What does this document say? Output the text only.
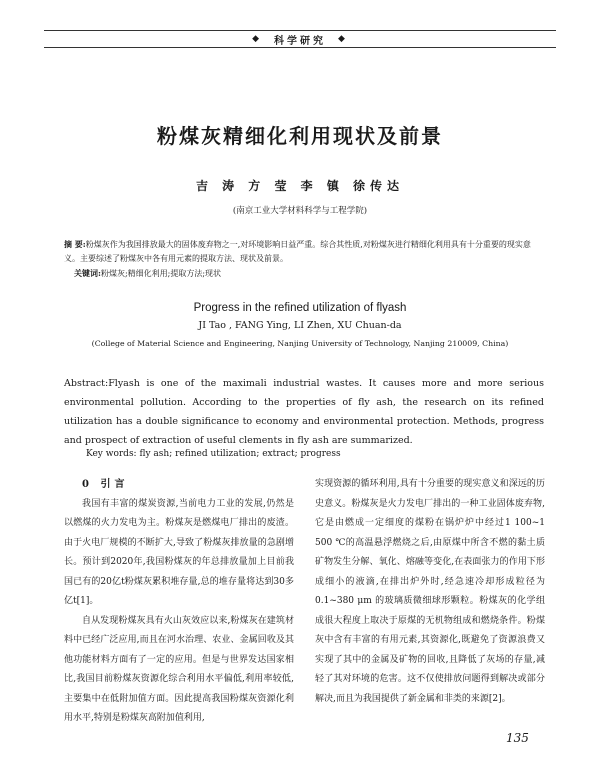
◆ 科学研究 ◆
粉煤灰精细化利用现状及前景
吉 涛 方 莹 李 镇 徐传达
(南京工业大学材料科学与工程学院)
摘 要:粉煤灰作为我国排放最大的固体废弃物之一,对环境影响日益严重。综合其性质,对粉煤灰进行精细化利用具有十分重要的现实意义。主要综述了粉煤灰中各有用元素的提取方法、现状及前景。
关键词:粉煤灰;精细化利用;提取方法;现状
Progress in the refined utilization of flyash
JI Tao , FANG Ying, LI Zhen, XU Chuan-da
(College of Material Science and Engineering, Nanjing University of Technology, Nanjing 210009, China)
Abstract:Flyash is one of the maximali industrial wastes. It causes more and more serious environmental pollution. According to the properties of fly ash, the research on its refined utilization has a double significance to economy and environmental protection. Methods, progress and prospect of extraction of useful clements in fly ash are summarized.
Key words: fly ash; refined utilization; extract; progress
0 引言

我国有丰富的煤炭资源,当前电力工业的发展,仍然是以燃煤的火力发电为主。粉煤灰是燃煤电厂排出的废渣。由于火电厂规模的不断扩大,导致了粉煤灰排放量的急剧增长。预计到2020年,我国粉煤灰的年总排放量加上目前我国已有的20亿t粉煤灰累积堆存量,总的堆存量将达到30多亿t[1]。

自从发现粉煤灰具有火山灰效应以来,粉煤灰在建筑材料中已经广泛应用,而且在河水治理、农业、金属回收及其他功能材料方面有了一定的应用。但是与世界发达国家相比,我国目前粉煤灰资源化综合利用水平偏低,利用率较低,主要集中在低附加值方面。因此提高我国粉煤灰资源化利用水平,特别是粉煤灰高附加值利用,

实现资源的循环利用,具有十分重要的现实意义和深远的历史意义。粉煤灰是火力发电厂排出的一种工业固体废弃物,它是由燃成一定细度的煤粉在锅炉炉中经过1 100~1 500 ℃的高温悬浮燃烧之后,由原煤中所含不燃的黏土质矿物发生分解、氧化、熔融等变化,在表面张力的作用下形成细小的液滴,在排出炉外时,经急速冷却形成粒径为 0.1~380 μm 的玻璃质微细球形颗粒。粉煤灰的化学组成很大程度上取决于原煤的无机物组成和燃烧条件。粉煤灰中含有丰富的有用元素,其资源化,既避免了资源浪费又实现了其中的金属及矿物的回收,且降低了灰场的存量,减轻了其对环境的危害。这不仅使排放问题得到解决或部分解决,而且为我国提供了新金属和非类的来源[2]。

135
